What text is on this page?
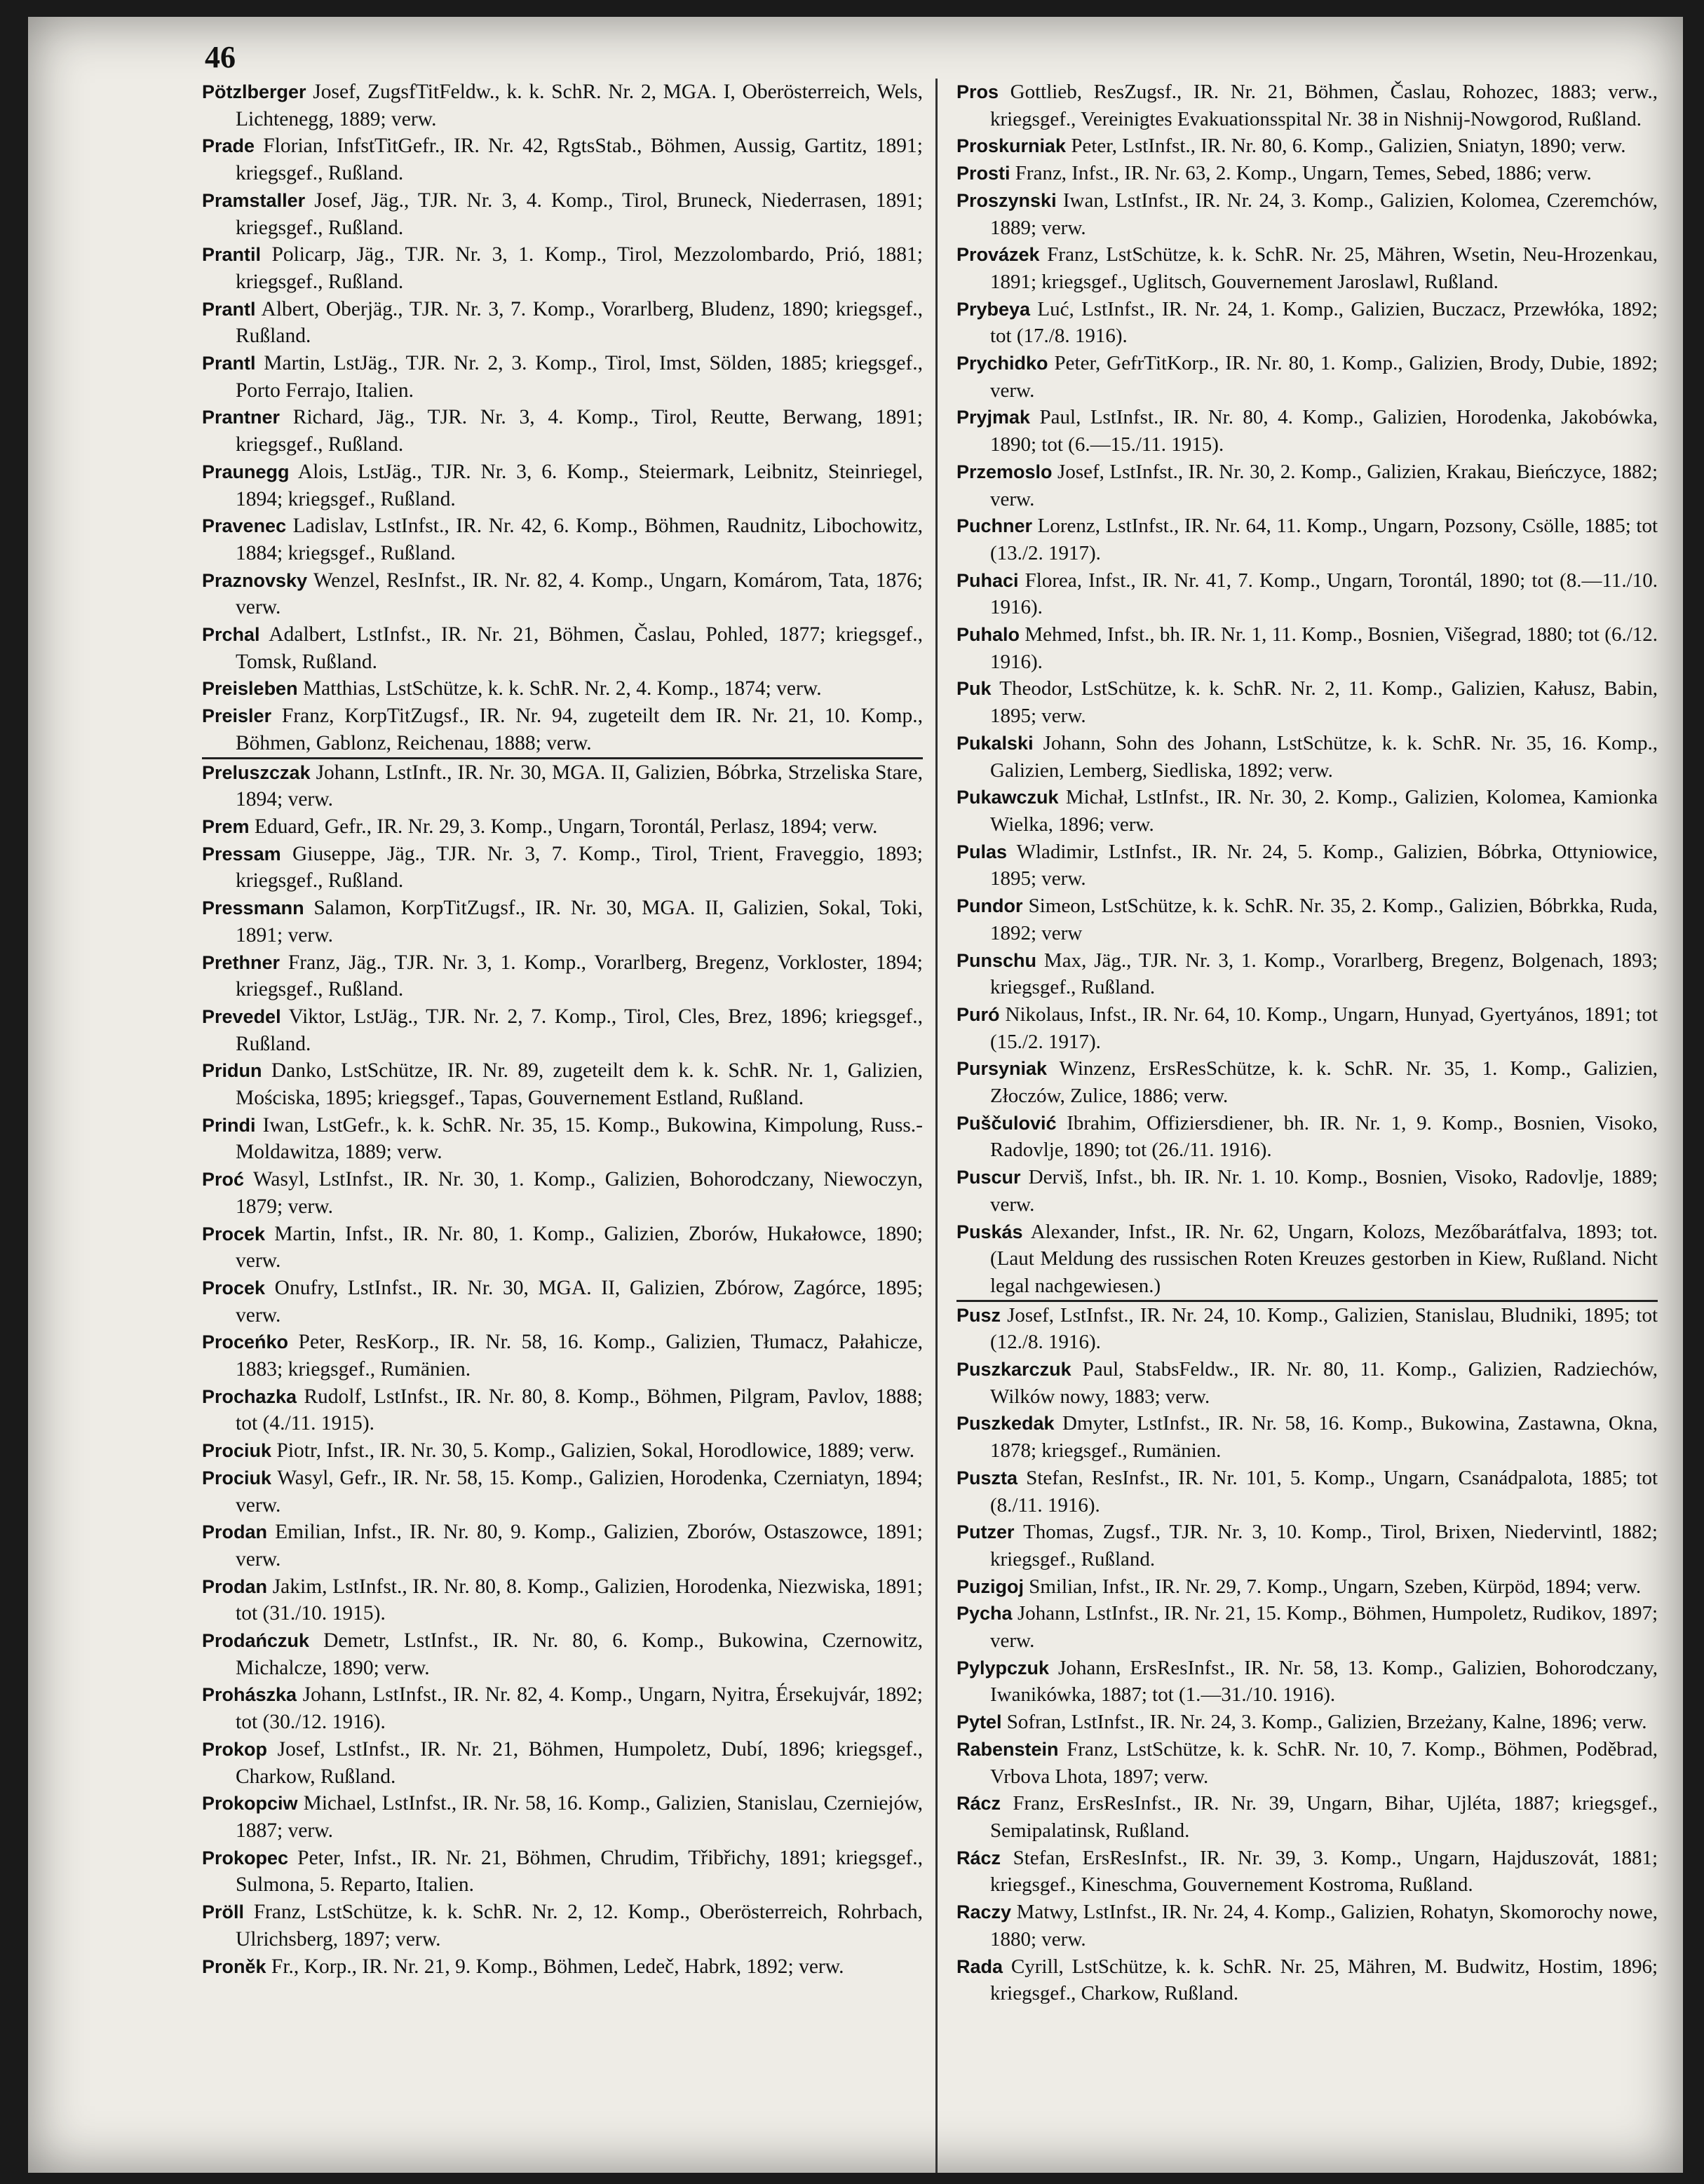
46

Pötzlberger Josef, ZugsfTitFeldw., k. k. SchR. Nr. 2, MGA. I, Oberösterreich, Wels, Lichtenegg, 1889; verw.

Prade Florian, InfstTitGefr., IR. Nr. 42, RgtsStab., Böhmen, Aussig, Gartitz, 1891; kriegsgef., Rußland.

Pramstaller Josef, Jäg., TJR. Nr. 3, 4. Komp., Tirol, Bruneck, Niederrasen, 1891; kriegsgef., Rußland.

Prantil Policarp, Jäg., TJR. Nr. 3, 1. Komp., Tirol, Mezzolombardo, Prió, 1881; kriegsgef., Rußland.

Prantl Albert, Oberjäg., TJR. Nr. 3, 7. Komp., Vorarlberg, Bludenz, 1890; kriegsgef., Rußland.

Prantl Martin, LstJäg., TJR. Nr. 2, 3. Komp., Tirol, Imst, Sölden, 1885; kriegsgef., Porto Ferrajo, Italien.

Prantner Richard, Jäg., TJR. Nr. 3, 4. Komp., Tirol, Reutte, Berwang, 1891; kriegsgef., Rußland.

Praunegg Alois, LstJäg., TJR. Nr. 3, 6. Komp., Steiermark, Leibnitz, Steinriegel, 1894; kriegsgef., Rußland.

Pravenec Ladislav, LstInfst., IR. Nr. 42, 6. Komp., Böhmen, Raudnitz, Libochowitz, 1884; kriegsgef., Rußland.

Praznovsky Wenzel, ResInfst., IR. Nr. 82, 4. Komp., Ungarn, Komárom, Tata, 1876; verw.

Prchal Adalbert, LstInfst., IR. Nr. 21, Böhmen, Časlau, Pohled, 1877; kriegsgef., Tomsk, Rußland.

Preisleben Matthias, LstSchütze, k. k. SchR. Nr. 2, 4. Komp., 1874; verw.

Preisler Franz, KorpTitZugsf., IR. Nr. 94, zugeteilt dem IR. Nr. 21, 10. Komp., Böhmen, Gablonz, Reichenau, 1888; verw.

Preluszczak Johann, LstInft., IR. Nr. 30, MGA. II, Galizien, Bóbrka, Strzeliska Stare, 1894; verw.

Prem Eduard, Gefr., IR. Nr. 29, 3. Komp., Ungarn, Torontál, Perlasz, 1894; verw.

Pressam Giuseppe, Jäg., TJR. Nr. 3, 7. Komp., Tirol, Trient, Fraveggio, 1893; kriegsgef., Rußland.

Pressmann Salamon, KorpTitZugsf., IR. Nr. 30, MGA. II, Galizien, Sokal, Toki, 1891; verw.

Prethner Franz, Jäg., TJR. Nr. 3, 1. Komp., Vorarlberg, Bregenz, Vorkloster, 1894; kriegsgef., Rußland.

Prevedel Viktor, LstJäg., TJR. Nr. 2, 7. Komp., Tirol, Cles, Brez, 1896; kriegsgef., Rußland.

Pridun Danko, LstSchütze, IR. Nr. 89, zugeteilt dem k. k. SchR. Nr. 1, Galizien, Mościska, 1895; kriegsgef., Tapas, Gouvernement Estland, Rußland.

Prindi Iwan, LstGefr., k. k. SchR. Nr. 35, 15. Komp., Bukowina, Kimpolung, Russ.-Moldawitza, 1889; verw.

Proć Wasyl, LstInfst., IR. Nr. 30, 1. Komp., Galizien, Bohorodczany, Niewoczyn, 1879; verw.

Procek Martin, Infst., IR. Nr. 80, 1. Komp., Galizien, Zborów, Hukałowce, 1890; verw.

Procek Onufry, LstInfst., IR. Nr. 30, MGA. II, Galizien, Zbórow, Zagórce, 1895; verw.

Proceńko Peter, ResKorp., IR. Nr. 58, 16. Komp., Galizien, Tłumacz, Pałahicze, 1883; kriegsgef., Rumänien.

Prochazka Rudolf, LstInfst., IR. Nr. 80, 8. Komp., Böhmen, Pilgram, Pavlov, 1888; tot (4./11. 1915).

Prociuk Piotr, Infst., IR. Nr. 30, 5. Komp., Galizien, Sokal, Horodlowice, 1889; verw.

Prociuk Wasyl, Gefr., IR. Nr. 58, 15. Komp., Galizien, Horodenka, Czerniatyn, 1894; verw.

Prodan Emilian, Infst., IR. Nr. 80, 9. Komp., Galizien, Zborów, Ostaszowce, 1891; verw.

Prodan Jakim, LstInfst., IR. Nr. 80, 8. Komp., Galizien, Horodenka, Niezwiska, 1891; tot (31./10. 1915).

Prodańczuk Demetr, LstInfst., IR. Nr. 80, 6. Komp., Bukowina, Czernowitz, Michalcze, 1890; verw.

Prohászka Johann, LstInfst., IR. Nr. 82, 4. Komp., Ungarn, Nyitra, Érsekujvár, 1892; tot (30./12. 1916).

Prokop Josef, LstInfst., IR. Nr. 21, Böhmen, Humpoletz, Dubí, 1896; kriegsgef., Charkow, Rußland.

Prokopciw Michael, LstInfst., IR. Nr. 58, 16. Komp., Galizien, Stanislau, Czerniejów, 1887; verw.

Prokopec Peter, Infst., IR. Nr. 21, Böhmen, Chrudim, Třibřichy, 1891; kriegsgef., Sulmona, 5. Reparto, Italien.

Pröll Franz, LstSchütze, k. k. SchR. Nr. 2, 12. Komp., Oberösterreich, Rohrbach, Ulrichsberg, 1897; verw.

Proněk Fr., Korp., IR. Nr. 21, 9. Komp., Böhmen, Ledeč, Habrk, 1892; verw.

Pros Gottlieb, ResZugsf., IR. Nr. 21, Böhmen, Časlau, Rohozec, 1883; verw., kriegsgef., Vereinigtes Evakuationsspital Nr. 38 in Nishnij-Nowgorod, Rußland.

Proskurniak Peter, LstInfst., IR. Nr. 80, 6. Komp., Galizien, Sniatyn, 1890; verw.

Prosti Franz, Infst., IR. Nr. 63, 2. Komp., Ungarn, Temes, Sebed, 1886; verw.

Proszynski Iwan, LstInfst., IR. Nr. 24, 3. Komp., Galizien, Kolomea, Czeremchów, 1889; verw.

Provázek Franz, LstSchütze, k. k. SchR. Nr. 25, Mähren, Wsetin, Neu-Hrozenkau, 1891; kriegsgef., Uglitsch, Gouvernement Jaroslawl, Rußland.

Prybeya Luć, LstInfst., IR. Nr. 24, 1. Komp., Galizien, Buczacz, Przewłóka, 1892; tot (17./8. 1916).

Prychidko Peter, GefrTitKorp., IR. Nr. 80, 1. Komp., Galizien, Brody, Dubie, 1892; verw.

Pryjmak Paul, LstInfst., IR. Nr. 80, 4. Komp., Galizien, Horodenka, Jakobówka, 1890; tot (6.—15./11. 1915).

Przemoslo Josef, LstInfst., IR. Nr. 30, 2. Komp., Galizien, Krakau, Bieńczyce, 1882; verw.

Puchner Lorenz, LstInfst., IR. Nr. 64, 11. Komp., Ungarn, Pozsony, Csölle, 1885; tot (13./2. 1917).

Puhaci Florea, Infst., IR. Nr. 41, 7. Komp., Ungarn, Torontál, 1890; tot (8.—11./10. 1916).

Puhalo Mehmed, Infst., bh. IR. Nr. 1, 11. Komp., Bosnien, Višegrad, 1880; tot (6./12. 1916).

Puk Theodor, LstSchütze, k. k. SchR. Nr. 2, 11. Komp., Galizien, Kałusz, Babin, 1895; verw.

Pukalski Johann, Sohn des Johann, LstSchütze, k. k. SchR. Nr. 35, 16. Komp., Galizien, Lemberg, Siedliska, 1892; verw.

Pukawczuk Michał, LstInfst., IR. Nr. 30, 2. Komp., Galizien, Kolomea, Kamionka Wielka, 1896; verw.

Pulas Wladimir, LstInfst., IR. Nr. 24, 5. Komp., Galizien, Bóbrka, Ottyniowice, 1895; verw.

Pundor Simeon, LstSchütze, k. k. SchR. Nr. 35, 2. Komp., Galizien, Bóbrkka, Ruda, 1892; verw

Punschu Max, Jäg., TJR. Nr. 3, 1. Komp., Vorarlberg, Bregenz, Bolgenach, 1893; kriegsgef., Rußland.

Puró Nikolaus, Infst., IR. Nr. 64, 10. Komp., Ungarn, Hunyad, Gyertyános, 1891; tot (15./2. 1917).

Pursyniak Winzenz, ErsResSchütze, k. k. SchR. Nr. 35, 1. Komp., Galizien, Złoczów, Zulice, 1886; verw.

Puščulović Ibrahim, Offiziersdiener, bh. IR. Nr. 1, 9. Komp., Bosnien, Visoko, Radovlje, 1890; tot (26./11. 1916).

Puscur Derviš, Infst., bh. IR. Nr. 1. 10. Komp., Bosnien, Visoko, Radovlje, 1889; verw.

Puskás Alexander, Infst., IR. Nr. 62, Ungarn, Kolozs, Mezőbarátfalva, 1893; tot. (Laut Meldung des russischen Roten Kreuzes gestorben in Kiew, Rußland. Nicht legal nachgewiesen.)

Pusz Josef, LstInfst., IR. Nr. 24, 10. Komp., Galizien, Stanislau, Bludniki, 1895; tot (12./8. 1916).

Puszkarczuk Paul, StabsFeldw., IR. Nr. 80, 11. Komp., Galizien, Radziechów, Wilków nowy, 1883; verw.

Puszkedak Dmyter, LstInfst., IR. Nr. 58, 16. Komp., Bukowina, Zastawna, Okna, 1878; kriegsgef., Rumänien.

Puszta Stefan, ResInfst., IR. Nr. 101, 5. Komp., Ungarn, Csanádpalota, 1885; tot (8./11. 1916).

Putzer Thomas, Zugsf., TJR. Nr. 3, 10. Komp., Tirol, Brixen, Niedervintl, 1882; kriegsgef., Rußland.

Puzigoj Smilian, Infst., IR. Nr. 29, 7. Komp., Ungarn, Szeben, Kürpöd, 1894; verw.

Pycha Johann, LstInfst., IR. Nr. 21, 15. Komp., Böhmen, Humpoletz, Rudikov, 1897; verw.

Pylypczuk Johann, ErsResInfst., IR. Nr. 58, 13. Komp., Galizien, Bohorodczany, Iwanikówka, 1887; tot (1.—31./10. 1916).

Pytel Sofran, LstInfst., IR. Nr. 24, 3. Komp., Galizien, Brzeżany, Kalne, 1896; verw.

Rabenstein Franz, LstSchütze, k. k. SchR. Nr. 10, 7. Komp., Böhmen, Poděbrad, Vrbova Lhota, 1897; verw.

Rácz Franz, ErsResInfst., IR. Nr. 39, Ungarn, Bihar, Ujléta, 1887; kriegsgef., Semipalatinsk, Rußland.

Rácz Stefan, ErsResInfst., IR. Nr. 39, 3. Komp., Ungarn, Hajduszovát, 1881; kriegsgef., Kineschma, Gouvernement Kostroma, Rußland.

Raczy Matwy, LstInfst., IR. Nr. 24, 4. Komp., Galizien, Rohatyn, Skomorochy nowe, 1880; verw.

Rada Cyrill, LstSchütze, k. k. SchR. Nr. 25, Mähren, M. Budwitz, Hostim, 1896; kriegsgef., Charkow, Rußland.
